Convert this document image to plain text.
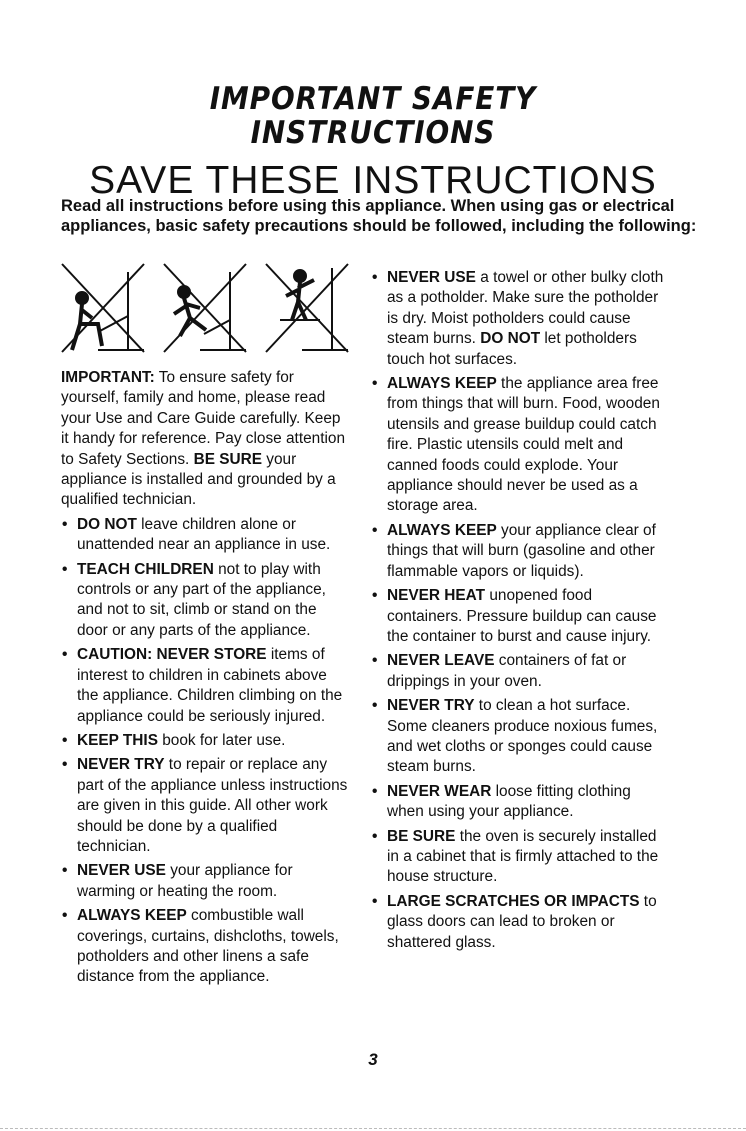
IMPORTANT SAFETY
INSTRUCTIONS
SAVE THESE INSTRUCTIONS
Read all instructions before using this appliance. When using gas or electrical appliances, basic safety precautions should be followed, including the following:

IMPORTANT: To ensure safety for yourself, family and home, please read your Use and Care Guide carefully. Keep it handy for reference. Pay close attention to Safety Sections. BE SURE your appliance is installed and grounded by a qualified technician.

• DO NOT leave children alone or unattended near an appliance in use.
• TEACH CHILDREN not to play with controls or any part of the appliance, and not to sit, climb or stand on the door or any parts of the appliance.
• CAUTION: NEVER STORE items of interest to children in cabinets above the appliance. Children climbing on the appliance could be seriously injured.
• KEEP THIS book for later use.
• NEVER TRY to repair or replace any part of the appliance unless instructions are given in this guide. All other work should be done by a qualified technician.
• NEVER USE your appliance for warming or heating the room.
• ALWAYS KEEP combustible wall coverings, curtains, dishcloths, towels, potholders and other linens a safe distance from the appliance.
• NEVER USE a towel or other bulky cloth as a potholder. Make sure the potholder is dry. Moist potholders could cause steam burns. DO NOT let potholders touch hot surfaces.
• ALWAYS KEEP the appliance area free from things that will burn. Food, wooden utensils and grease buildup could catch fire. Plastic utensils could melt and canned foods could explode. Your appliance should never be used as a storage area.
• ALWAYS KEEP your appliance clear of things that will burn (gasoline and other flammable vapors or liquids).
• NEVER HEAT unopened food containers. Pressure buildup can cause the container to burst and cause injury.
• NEVER LEAVE containers of fat or drippings in your oven.
• NEVER TRY to clean a hot surface. Some cleaners produce noxious fumes, and wet cloths or sponges could cause steam burns.
• NEVER WEAR loose fitting clothing when using your appliance.
• BE SURE the oven is securely installed in a cabinet that is firmly attached to the house structure.
• LARGE SCRATCHES OR IMPACTS to glass doors can lead to broken or shattered glass.
3
